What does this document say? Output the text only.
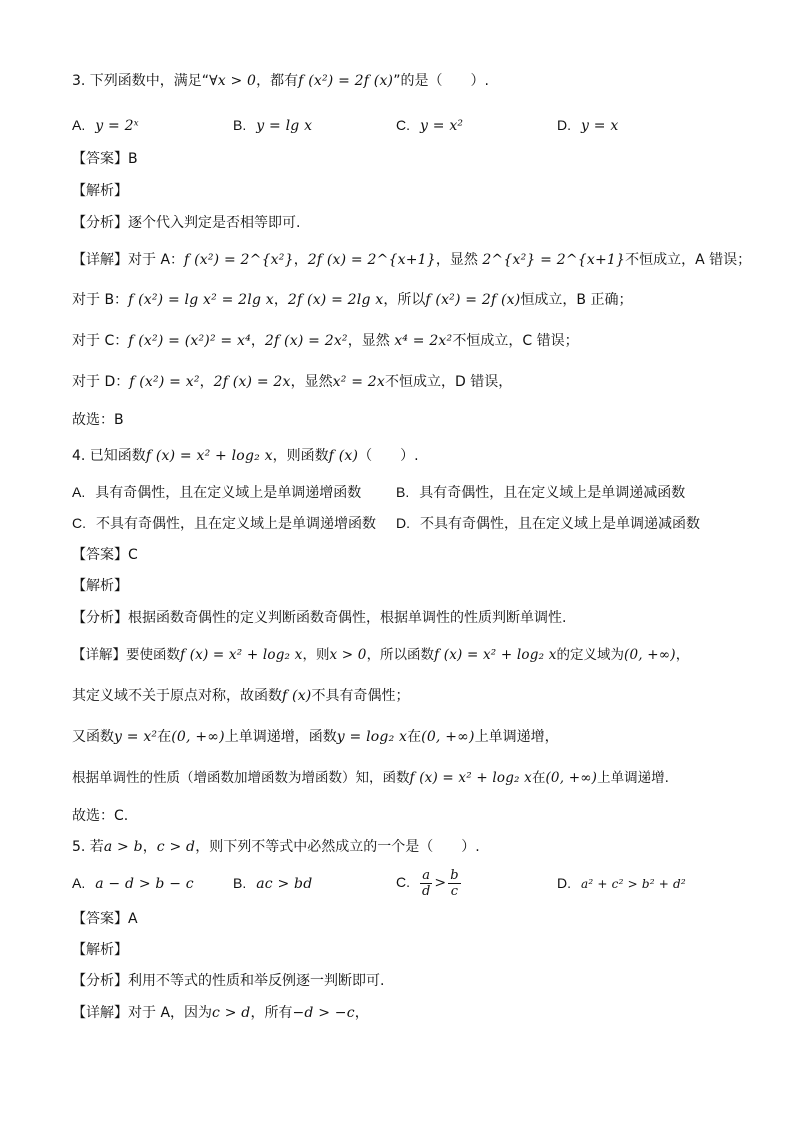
3. 下列函数中，满足“∀x > 0，都有f (x²) = 2f (x)”的是（　　）.
A. y = 2ˣ	B. y = lg x	C. y = x²	D. y = x
【答案】B
【解析】
【分析】逐个代入判定是否相等即可.
【详解】对于 A：f (x²) = 2^{x²}，2f (x) = 2^{x+1}，显然 2^{x²} = 2^{x+1}不恒成立，A 错误；
对于 B：f (x²) = lg x² = 2lg x，2f (x) = 2lg x，所以f (x²) = 2f (x)恒成立，B 正确；
对于 C：f (x²) = (x²)² = x⁴，2f (x) = 2x²，显然 x⁴ = 2x²不恒成立，C 错误；
对于 D：f (x²) = x²，2f (x) = 2x，显然x² = 2x不恒成立，D 错误，
故选：B
4. 已知函数f (x) = x² + log₂ x，则函数f (x)（　　）.
A. 具有奇偶性，且在定义域上是单调递增函数 B. 具有奇偶性，且在定义域上是单调递减函数
C. 不具有奇偶性，且在定义域上是单调递增函数 D. 不具有奇偶性，且在定义域上是单调递减函数
【答案】C
【解析】
【分析】根据函数奇偶性的定义判断函数奇偶性，根据单调性的性质判断单调性.
【详解】要使函数f (x) = x² + log₂ x，则x > 0，所以函数f (x) = x² + log₂ x的定义域为(0, +∞)，
其定义域不关于原点对称，故函数f (x)不具有奇偶性；
又函数y = x²在(0, +∞)上单调递增，函数y = log₂ x在(0, +∞)上单调递增，
根据单调性的性质（增函数加增函数为增函数）知，函数f (x) = x² + log₂ x在(0, +∞)上单调递增.
故选：C.
5. 若a > b，c > d，则下列不等式中必然成立的一个是（　　）.
A. a − d > b − c	B. ac > bd	C. $\frac{a}{d} > \frac{b}{c}$	D. a² + c² > b² + d²
【答案】A
【解析】
【分析】利用不等式的性质和举反例逐一判断即可.
【详解】对于 A，因为c > d，所有−d > −c，
